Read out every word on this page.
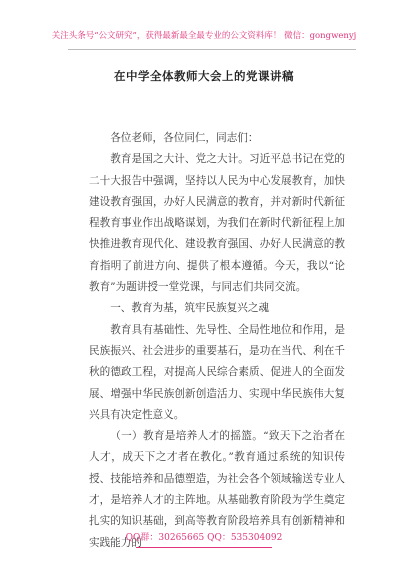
关注头条号“公文研究”，获得最新最全最专业的公文资料库！ 微信：gongwenyj
在中学全体教师大会上的党课讲稿

各位老师，各位同仁，同志们：

教育是国之大计、党之大计。习近平总书记在党的二十大报告中强调，坚持以人民为中心发展教育，加快建设教育强国，办好人民满意的教育，并对新时代新征程教育事业作出战略谋划，为我们在新时代新征程上加快推进教育现代化、建设教育强国、办好人民满意的教育指明了前进方向、提供了根本遵循。今天，我以“论教育”为题讲授一堂党课，与同志们共同交流。

一、教育为基，筑牢民族复兴之魂

教育具有基础性、先导性、全局性地位和作用，是民族振兴、社会进步的重要基石，是功在当代、利在千秋的德政工程，对提高人民综合素质、促进人的全面发展、增强中华民族创新创造活力、实现中华民族伟大复兴具有决定性意义。

（一）教育是培养人才的摇篮。“致天下之治者在人才，成天下之才者在教化。”教育通过系统的知识传授、技能培养和品德塑造，为社会各个领域输送专业人才，是培养人才的主阵地。从基础教育阶段为学生奠定扎实的知识基础，到高等教育阶段培养具有创新精神和实践能力的

QQ群：30265665 QQ：535304092
